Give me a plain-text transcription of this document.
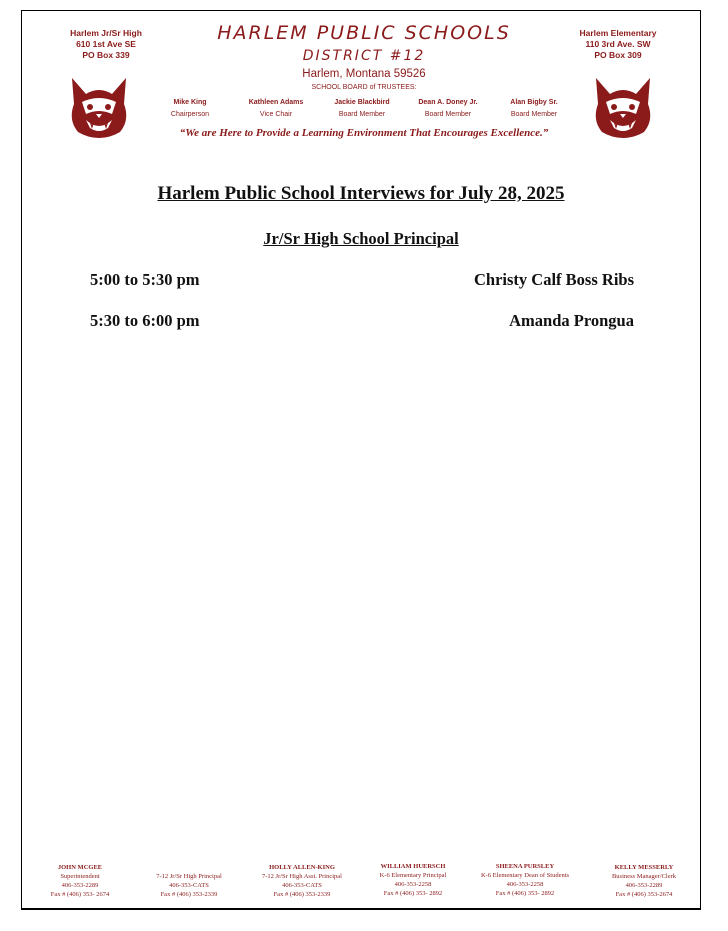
Harlem Jr/Sr High
610 1st Ave SE
PO Box 339
Harlem Elementary
110 3rd Ave. SW
PO Box 309
HARLEM PUBLIC SCHOOLS
DISTRICT #12
Harlem, Montana 59526
SCHOOL BOARD of TRUSTEES:
Mike King
Chairperson
Kathleen Adams
Vice Chair
Jackie Blackbird
Board Member
Dean A. Doney Jr.
Board Member
Alan Bigby Sr.
Board Member
“We are Here to Provide a Learning Environment That Encourages Excellence.”
Harlem Public School Interviews for July 28, 2025
Jr/Sr High School Principal
5:00 to 5:30 pm	Christy Calf Boss Ribs
5:30 to 6:00 pm	Amanda Prongua
JOHN MCGEE
Superintendent
406-353-2289
Fax # (406) 353- 2674

7-12 Jr/Sr High Principal
406-353-CATS
Fax # (406) 353-2339
HOLLY ALLEN-KING
7-12 Jr/Sr High Asst. Principal
406-353-CATS
Fax # (406) 353-2339
WILLIAM HUERSCH
K-6 Elementary Principal
406-353-2258
Fax # (406) 353- 2892
SHEENA PURSLEY
K-6 Elementary Dean of Students
406-353-2258
Fax # (406) 353- 2892
KELLY MESSERLY
Business Manager/Clerk
406-353-2289
Fax # (406) 353-2674
